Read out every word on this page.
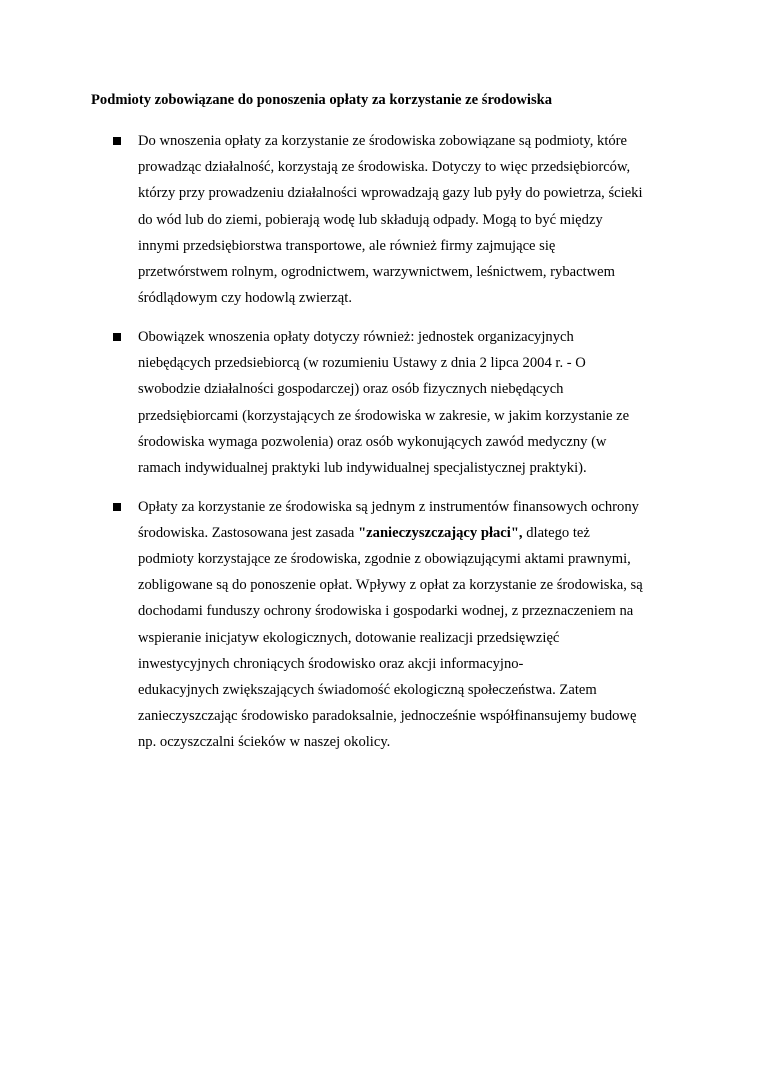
Podmioty zobowiązane do ponoszenia opłaty za korzystanie ze środowiska
Do wnoszenia opłaty za korzystanie ze środowiska zobowiązane są podmioty, które
prowadząc działalność, korzystają ze środowiska. Dotyczy to więc przedsiębiorców,
którzy przy prowadzeniu działalności wprowadzają gazy lub pyły do powietrza, ścieki
do wód lub do ziemi, pobierają wodę lub składują odpady. Mogą to być między
innymi przedsiębiorstwa transportowe, ale również firmy zajmujące się
przetwórstwem rolnym, ogrodnictwem, warzywnictwem, leśnictwem, rybactwem
śródlądowym czy hodowlą zwierząt.
Obowiązek wnoszenia opłaty dotyczy również: jednostek organizacyjnych
niebędących przedsiebiorcą (w rozumieniu Ustawy z dnia 2 lipca 2004 r. - O
swobodzie działalności gospodarczej) oraz osób fizycznych niebędących
przedsiębiorcami (korzystających ze środowiska w zakresie, w jakim korzystanie ze
środowiska wymaga pozwolenia) oraz osób wykonujących zawód medyczny (w
ramach indywidualnej praktyki lub indywidualnej specjalistycznej praktyki).
Opłaty za korzystanie ze środowiska są jednym z instrumentów finansowych ochrony
środowiska. Zastosowana jest zasada "zanieczyszczający płaci", dlatego też
podmioty korzystające ze środowiska, zgodnie z obowiązującymi aktami prawnymi,
zobligowane są do ponoszenie opłat. Wpływy z opłat za korzystanie ze środowiska, są
dochodami funduszy ochrony środowiska i gospodarki wodnej, z przeznaczeniem na
wspieranie inicjatyw ekologicznych, dotowanie realizacji przedsięwzięć
inwestycyjnych chroniących środowisko oraz akcji informacyjno-
edukacyjnych zwiększających świadomość ekologiczną społeczeństwa. Zatem
zanieczyszczając środowisko paradoksalnie, jednocześnie współfinansujemy budowę
np. oczyszczalni ścieków w naszej okolicy.
